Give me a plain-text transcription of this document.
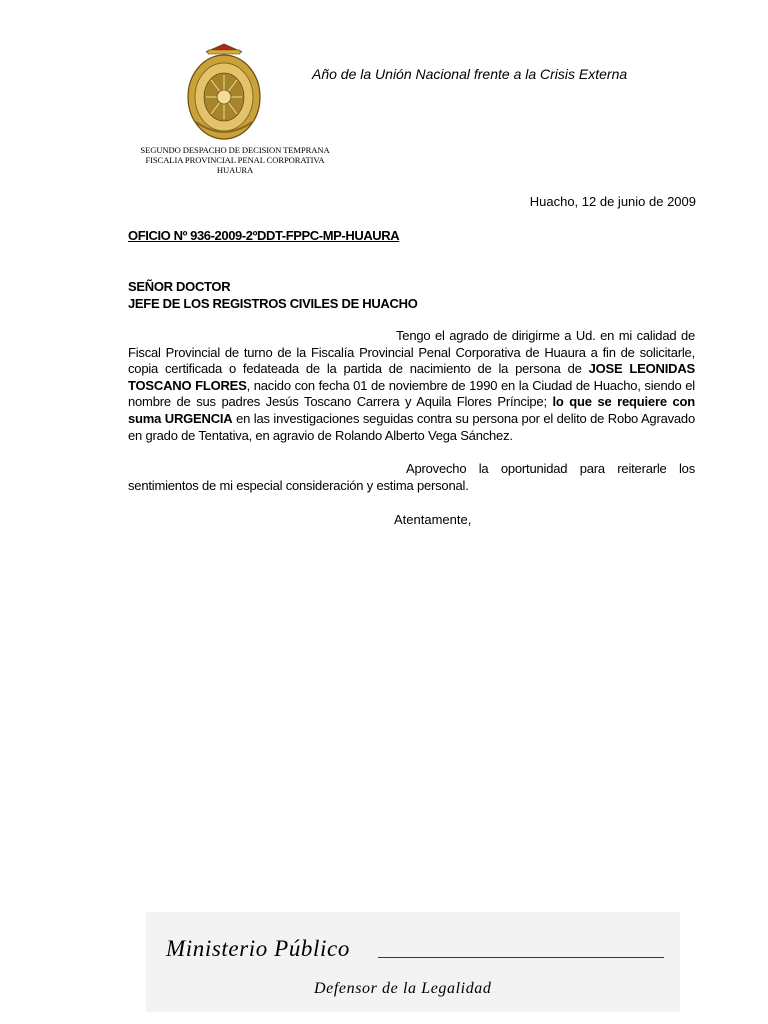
Año de la Unión Nacional frente a la Crisis Externa
SEGUNDO DESPACHO DE DECISION TEMPRANA
FISCALIA PROVINCIAL PENAL CORPORATIVA
HUAURA
Huacho, 12 de junio de 2009
OFICIO Nº 936-2009-2ºDDT-FPPC-MP-HUAURA
SEÑOR DOCTOR
JEFE DE LOS REGISTROS CIVILES DE HUACHO
Tengo el agrado de dirigirme a Ud. en mi calidad de Fiscal Provincial de turno de la Fiscalía Provincial Penal Corporativa de Huaura a fin de solicitarle, copia certificada o fedateada de la partida de nacimiento de la persona de JOSE LEONIDAS TOSCANO FLORES, nacido con fecha 01 de noviembre de 1990 en la Ciudad de Huacho, siendo el nombre de sus padres Jesús Toscano Carrera y Aquila Flores Príncipe; lo que se requiere con suma URGENCIA en las investigaciones seguidas contra su persona por el delito de Robo Agravado en grado de Tentativa, en agravio de Rolando Alberto Vega Sánchez.
Aprovecho la oportunidad para reiterarle los sentimientos de mi especial consideración y estima personal.
Atentamente,
Ministerio Público
Defensor de la Legalidad
